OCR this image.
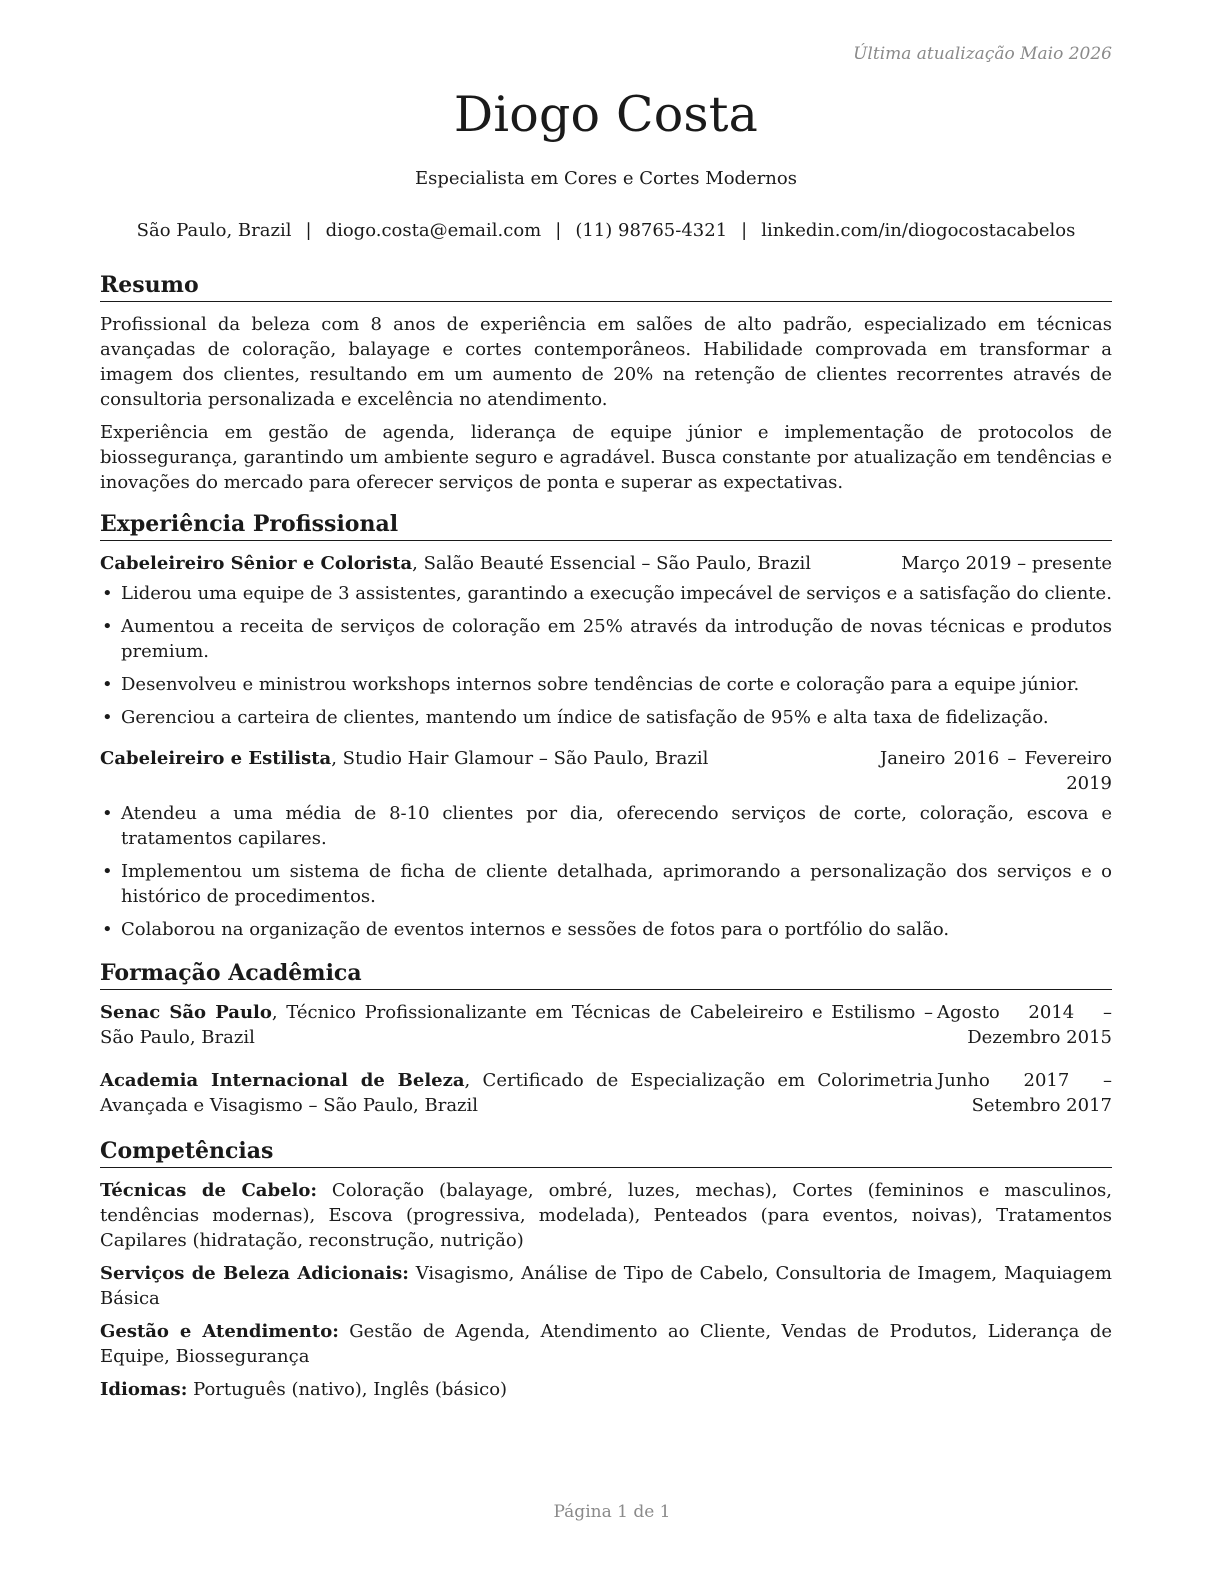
Última atualização Maio 2026
Diogo Costa
Especialista em Cores e Cortes Modernos
São Paulo, Brazil | diogo.costa@email.com | (11) 98765-4321 | linkedin.com/in/diogocostacabelos
Resumo

Profissional da beleza com 8 anos de experiência em salões de alto padrão, especializado em técnicas avançadas de coloração, balayage e cortes contemporâneos. Habilidade comprovada em transformar a imagem dos clientes, resultando em um aumento de 20% na retenção de clientes recorrentes através de consultoria personalizada e excelência no atendimento.

Experiência em gestão de agenda, liderança de equipe júnior e implementação de protocolos de biossegurança, garantindo um ambiente seguro e agradável. Busca constante por atualização em tendências e inovações do mercado para oferecer serviços de ponta e superar as expectativas.

Experiência Profissional
Cabeleireiro Sênior e Colorista, Salão Beauté Essencial – São Paulo, Brazil	Março 2019 – presente
• Liderou uma equipe de 3 assistentes, garantindo a execução impecável de serviços e a satisfação do cliente.
• Aumentou a receita de serviços de coloração em 25% através da introdução de novas técnicas e produtos premium.
• Desenvolveu e ministrou workshops internos sobre tendências de corte e coloração para a equipe júnior.
• Gerenciou a carteira de clientes, mantendo um índice de satisfação de 95% e alta taxa de fidelização.
Cabeleireiro e Estilista, Studio Hair Glamour – São Paulo, Brazil	Janeiro 2016 – Fevereiro 2019
• Atendeu a uma média de 8-10 clientes por dia, oferecendo serviços de corte, coloração, escova e tratamentos capilares.
• Implementou um sistema de ficha de cliente detalhada, aprimorando a personalização dos serviços e o histórico de procedimentos.
• Colaborou na organização de eventos internos e sessões de fotos para o portfólio do salão.
Formação Acadêmica
Senac São Paulo, Técnico Profissionalizante em Técnicas de Cabeleireiro e Estilismo – São Paulo, Brazil
Agosto 2014 – Dezembro 2015
Academia Internacional de Beleza, Certificado de Especialização em Colorimetria Avançada e Visagismo – São Paulo, Brazil
Junho 2017 – Setembro 2017
Competências

Técnicas de Cabelo: Coloração (balayage, ombré, luzes, mechas), Cortes (femininos e masculinos, tendências modernas), Escova (progressiva, modelada), Penteados (para eventos, noivas), Tratamentos Capilares (hidratação, reconstrução, nutrição)

Serviços de Beleza Adicionais: Visagismo, Análise de Tipo de Cabelo, Consultoria de Imagem, Maquiagem Básica

Gestão e Atendimento: Gestão de Agenda, Atendimento ao Cliente, Vendas de Produtos, Liderança de Equipe, Biossegurança

Idiomas: Português (nativo), Inglês (básico)

Página 1 de 1
